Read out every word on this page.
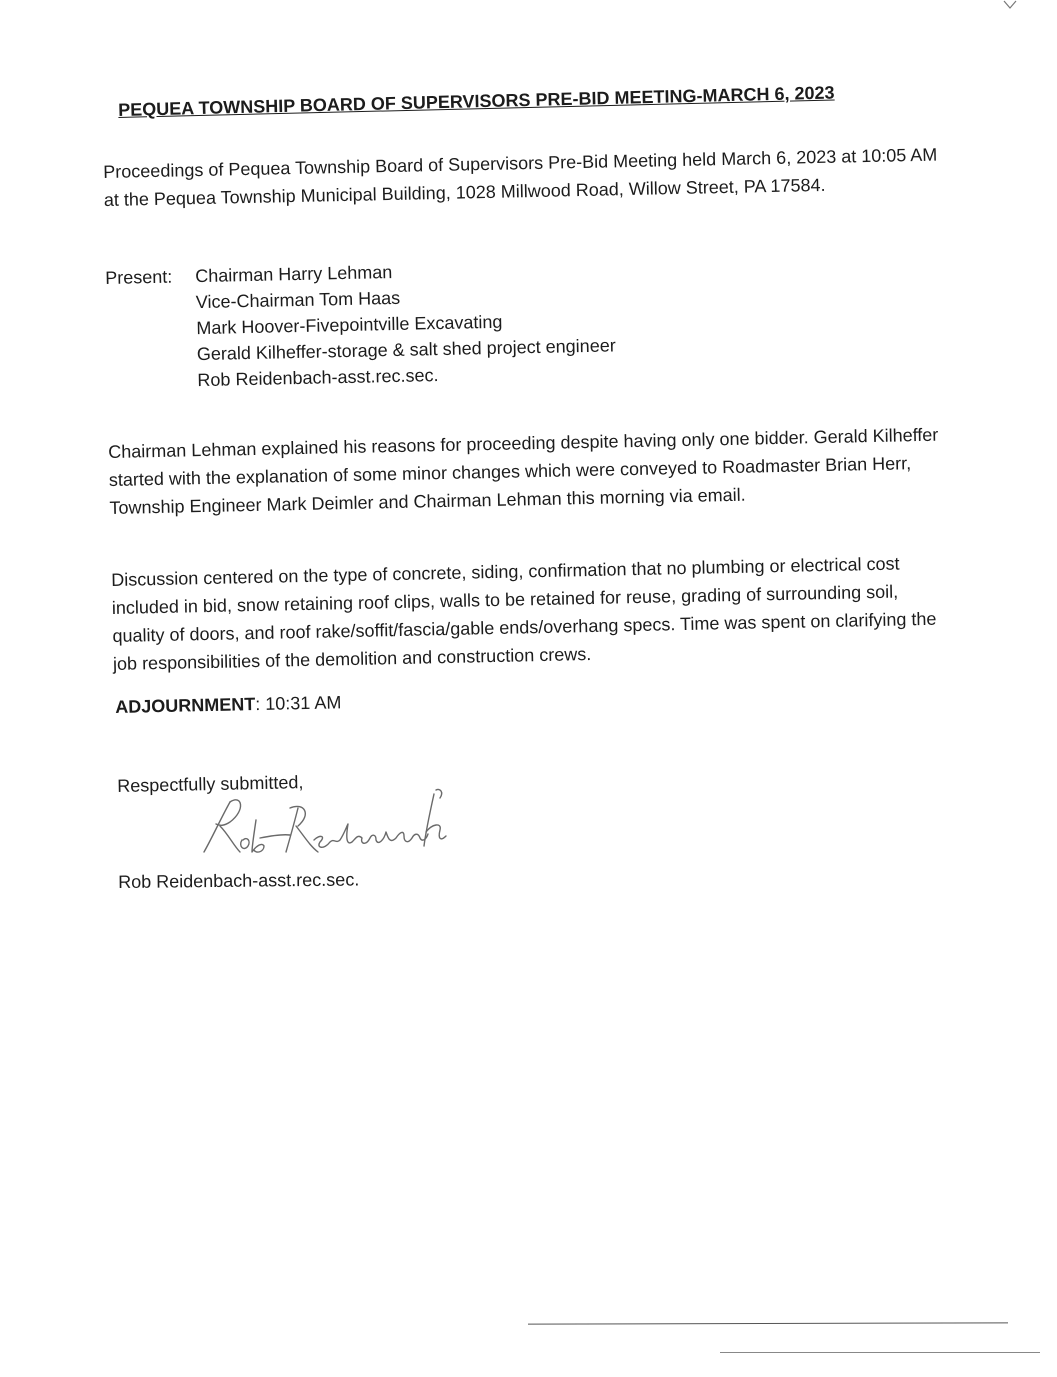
PEQUEA TOWNSHIP BOARD OF SUPERVISORS PRE-BID MEETING-MARCH 6, 2023
Proceedings of Pequea Township Board of Supervisors Pre-Bid Meeting held March 6, 2023 at 10:05 AM at the Pequea Township Municipal Building, 1028 Millwood Road, Willow Street, PA 17584.
Present:	Chairman Harry Lehman
Vice-Chairman Tom Haas
Mark Hoover-Fivepointville Excavating
Gerald Kilheffer-storage & salt shed project engineer
Rob Reidenbach-asst.rec.sec.
Chairman Lehman explained his reasons for proceeding despite having only one bidder. Gerald Kilheffer started with the explanation of some minor changes which were conveyed to Roadmaster Brian Herr, Township Engineer Mark Deimler and Chairman Lehman this morning via email.
Discussion centered on the type of concrete, siding, confirmation that no plumbing or electrical cost included in bid, snow retaining roof clips, walls to be retained for reuse, grading of surrounding soil, quality of doors, and roof rake/soffit/fascia/gable ends/overhang specs. Time was spent on clarifying the job responsibilities of the demolition and construction crews.
ADJOURNMENT: 10:31 AM
Respectfully submitted,
Rob Reidenbach-asst.rec.sec.
